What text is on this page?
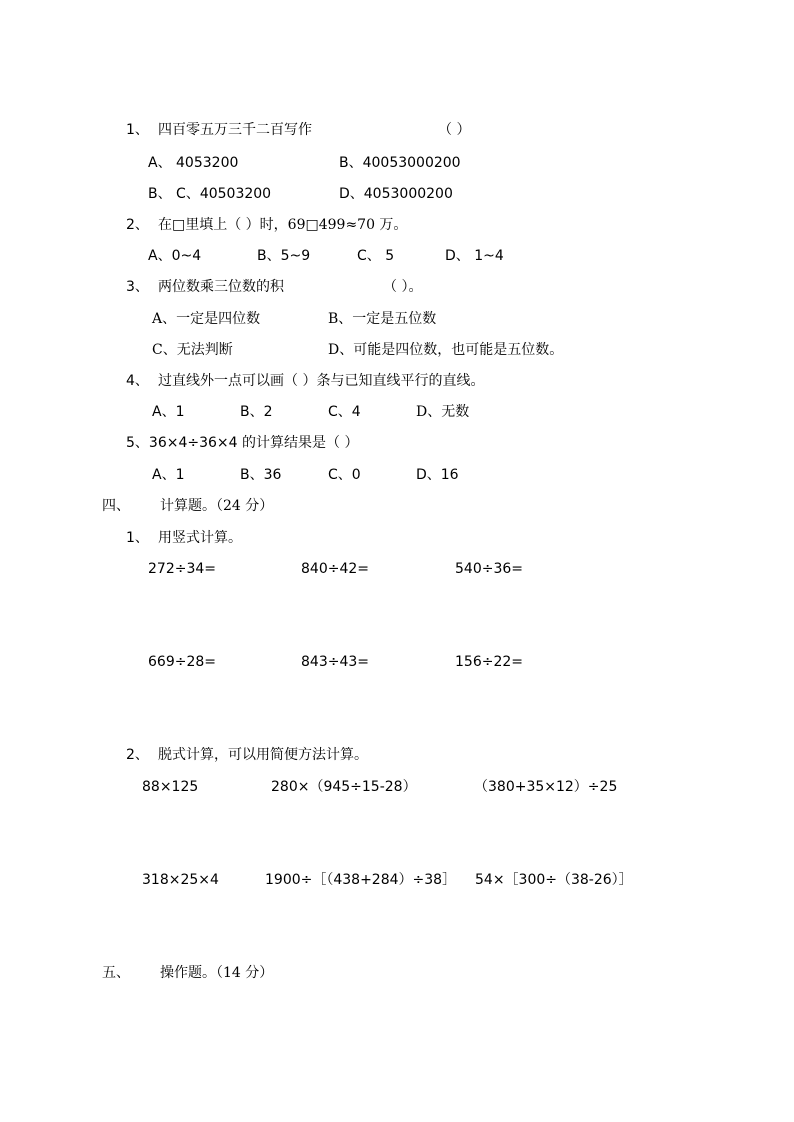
1、 四百零五万三千二百写作	（ ）
A、 4053200	B、40053000200
B、 C、40503200	D、4053000200
2、 在□里填上（ ）时，69□499≈70 万。
A、0~4	B、5~9	C、 5	D、 1~4
3、 两位数乘三位数的积	（ ）。
A、一定是四位数	B、一定是五位数
C、无法判断	D、可能是四位数，也可能是五位数。
4、 过直线外一点可以画（ ）条与已知直线平行的直线。
A、1	B、2	C、4	D、无数
5、36×4÷36×4 的计算结果是（ ）
A、1	B、36	C、0	D、16
四、 计算题。（24 分）
1、 用竖式计算。
272÷34=	840÷42=	540÷36=
669÷28=	843÷43=	156÷22=
2、 脱式计算，可以用简便方法计算。
88×125	280×（945÷15-28）	（380+35×12）÷25
318×25×4	1900÷［（438+284）÷38］ 54×［300÷（38-26）］
五、 操作题。（14 分）
